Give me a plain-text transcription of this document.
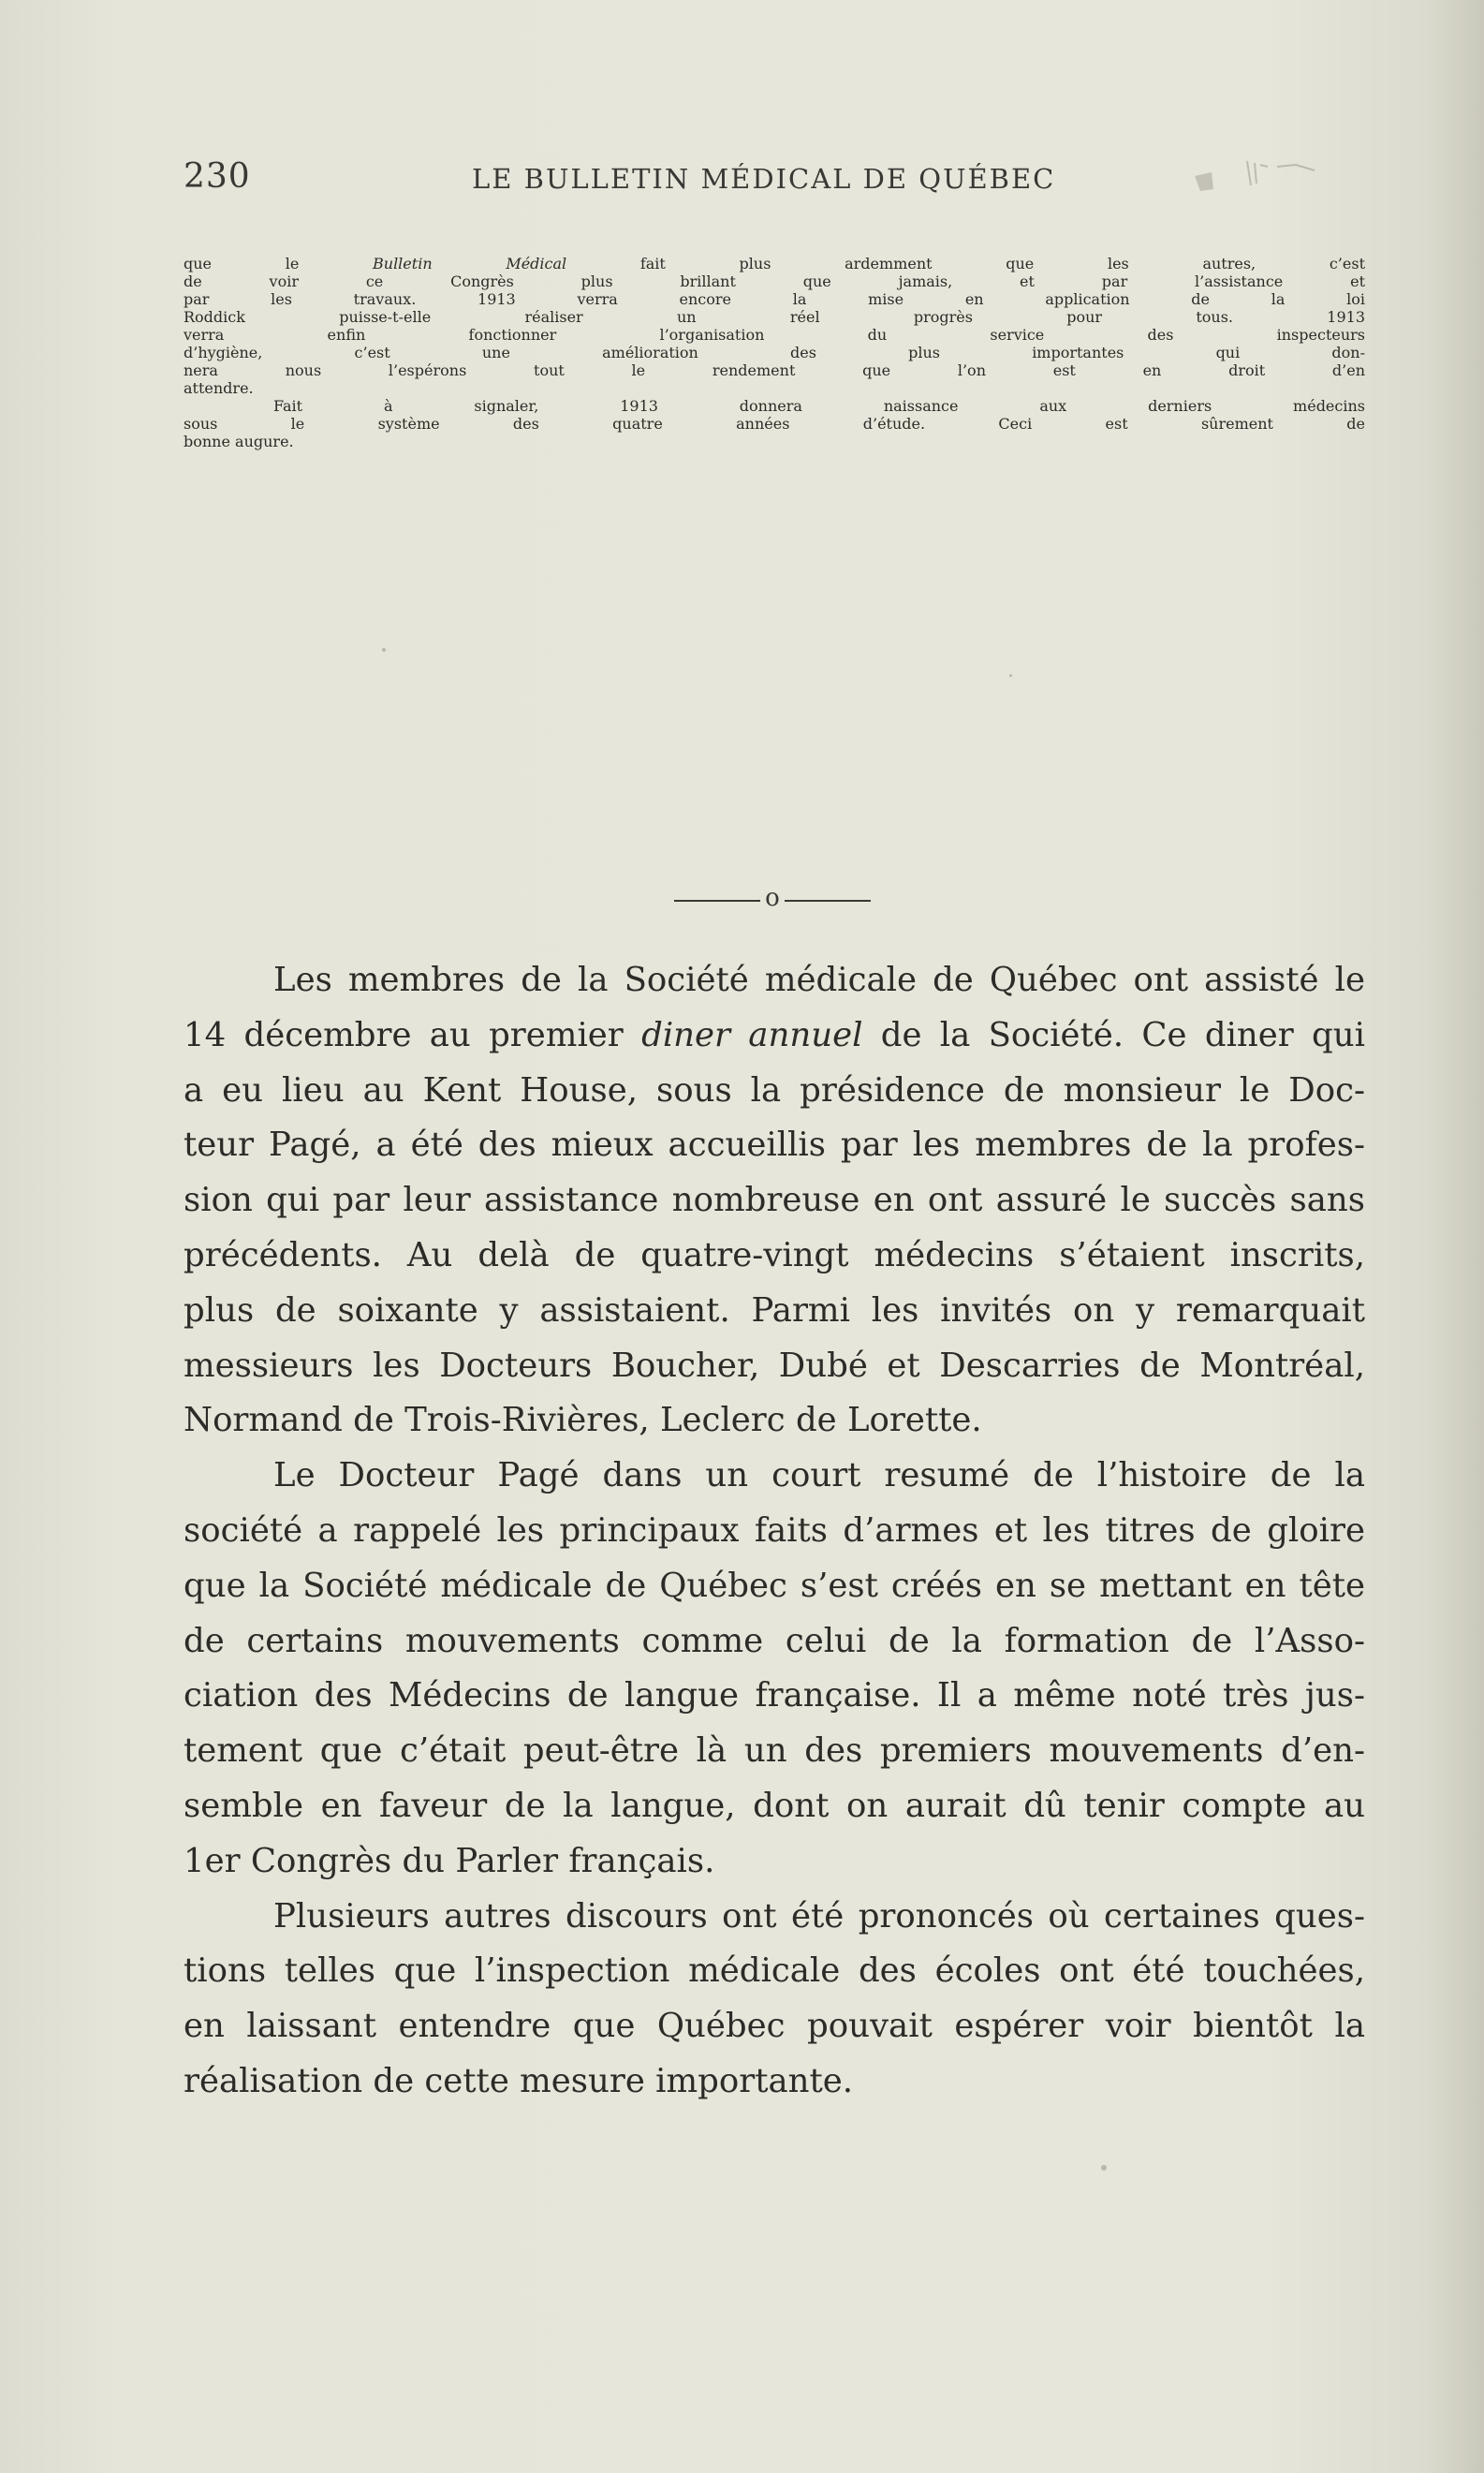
230	LE BULLETIN MÉDICAL DE QUÉBEC
que le Bulletin Médical fait plus ardemment que les autres, c’est
de voir ce Congrès plus brillant que jamais, et par l’assistance et
par les travaux. 1913 verra encore la mise en application de la loi
Roddick puisse-t-elle réaliser un réel progrès pour tous. 1913
verra enfin fonctionner l’organisation du service des inspecteurs
d’hygiène, c’est une amélioration des plus importantes qui don-
nera nous l’espérons tout le rendement que l’on est en droit d’en
attendre.
Fait à signaler, 1913 donnera naissance aux derniers médecins
sous le système des quatre années d’étude. Ceci est sûrement de
bonne augure.
o
Les membres de la Société médicale de Québec ont assisté le
14 décembre au premier diner annuel de la Société. Ce diner qui
a eu lieu au Kent House, sous la présidence de monsieur le Doc-
teur Pagé, a été des mieux accueillis par les membres de la profes-
sion qui par leur assistance nombreuse en ont assuré le succès sans
précédents. Au delà de quatre-vingt médecins s’étaient inscrits,
plus de soixante y assistaient. Parmi les invités on y remarquait
messieurs les Docteurs Boucher, Dubé et Descarries de Montréal,
Normand de Trois-Rivières, Leclerc de Lorette.
Le Docteur Pagé dans un court resumé de l’histoire de la
société a rappelé les principaux faits d’armes et les titres de gloire
que la Société médicale de Québec s’est créés en se mettant en tête
de certains mouvements comme celui de la formation de l’Asso-
ciation des Médecins de langue française. Il a même noté très jus-
tement que c’était peut-être là un des premiers mouvements d’en-
semble en faveur de la langue, dont on aurait dû tenir compte au
1er Congrès du Parler français.
Plusieurs autres discours ont été prononcés où certaines ques-
tions telles que l’inspection médicale des écoles ont été touchées,
en laissant entendre que Québec pouvait espérer voir bientôt la
réalisation de cette mesure importante.
